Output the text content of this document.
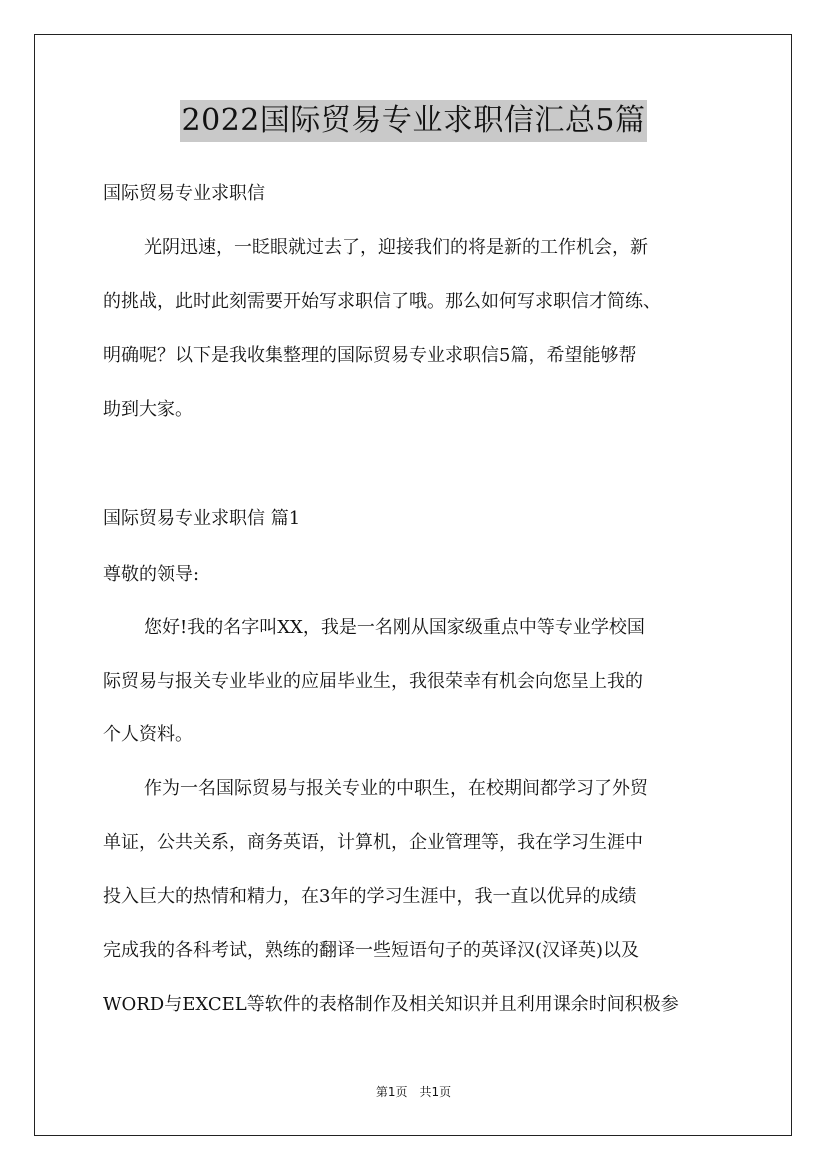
2022国际贸易专业求职信汇总5篇

国际贸易专业求职信

光阴迅速，一眨眼就过去了，迎接我们的将是新的工作机会，新

的挑战，此时此刻需要开始写求职信了哦。那么如何写求职信才简练、

明确呢？以下是我收集整理的国际贸易专业求职信5篇，希望能够帮

助到大家。

国际贸易专业求职信 篇1

尊敬的领导:

您好!我的名字叫XX，我是一名刚从国家级重点中等专业学校国

际贸易与报关专业毕业的应届毕业生，我很荣幸有机会向您呈上我的

个人资料。

作为一名国际贸易与报关专业的中职生，在校期间都学习了外贸

单证，公共关系，商务英语，计算机，企业管理等，我在学习生涯中

投入巨大的热情和精力，在3年的学习生涯中，我一直以优异的成绩

完成我的各科考试，熟练的翻译一些短语句子的英译汉(汉译英)以及

WORD与EXCEL等软件的表格制作及相关知识并且利用课余时间积极参

第1页　共1页
